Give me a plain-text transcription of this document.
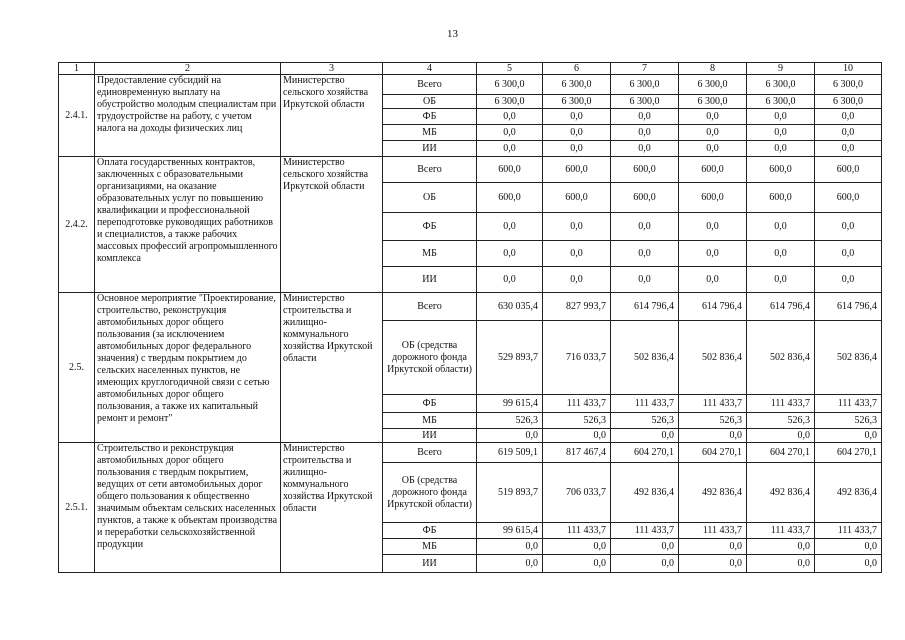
13
1	2	3	4	5	6	7	8	9	10
2.4.1.	Предоставление субсидий на единовременную выплату на обустройство молодым специалистам при трудоустройстве на работу, с учетом налога на доходы физических лиц	Министерство сельского хозяйства Иркутской области	Всего	6 300,0	6 300,0	6 300,0	6 300,0	6 300,0	6 300,0
			ОБ	6 300,0	6 300,0	6 300,0	6 300,0	6 300,0	6 300,0
			ФБ	0,0	0,0	0,0	0,0	0,0	0,0
			МБ	0,0	0,0	0,0	0,0	0,0	0,0
			ИИ	0,0	0,0	0,0	0,0	0,0	0,0
2.4.2.	Оплата государственных контрактов, заключенных с образовательными организациями, на оказание образовательных услуг по повышению квалификации и профессиональной переподготовке руководящих работников и специалистов, а также рабочих массовых профессий агропромышленного комплекса	Министерство сельского хозяйства Иркутской области	Всего	600,0	600,0	600,0	600,0	600,0	600,0
			ОБ	600,0	600,0	600,0	600,0	600,0	600,0
			ФБ	0,0	0,0	0,0	0,0	0,0	0,0
			МБ	0,0	0,0	0,0	0,0	0,0	0,0
			ИИ	0,0	0,0	0,0	0,0	0,0	0,0
2.5.	Основное мероприятие "Проектирование, строительство, реконструкция автомобильных дорог общего пользования (за исключением автомобильных дорог федерального значения) с твердым покрытием до сельских населенных пунктов, не имеющих круглогодичной связи с сетью автомобильных дорог общего пользования, а также их капитальный ремонт и ремонт"	Министерство строительства и жилищно-коммунального хозяйства Иркутской области	Всего	630 035,4	827 993,7	614 796,4	614 796,4	614 796,4	614 796,4
			ОБ (средства дорожного фонда Иркутской области)	529 893,7	716 033,7	502 836,4	502 836,4	502 836,4	502 836,4
			ФБ	99 615,4	111 433,7	111 433,7	111 433,7	111 433,7	111 433,7
			МБ	526,3	526,3	526,3	526,3	526,3	526,3
			ИИ	0,0	0,0	0,0	0,0	0,0	0,0
2.5.1.	Строительство и реконструкция автомобильных дорог общего пользования с твердым покрытием, ведущих от сети автомобильных дорог общего пользования к общественно значимым объектам сельских населенных пунктов, а также к объектам производства и переработки сельскохозяйственной продукции	Министерство строительства и жилищно-коммунального хозяйства Иркутской области	Всего	619 509,1	817 467,4	604 270,1	604 270,1	604 270,1	604 270,1
			ОБ (средства дорожного фонда Иркутской области)	519 893,7	706 033,7	492 836,4	492 836,4	492 836,4	492 836,4
			ФБ	99 615,4	111 433,7	111 433,7	111 433,7	111 433,7	111 433,7
			МБ	0,0	0,0	0,0	0,0	0,0	0,0
			ИИ	0,0	0,0	0,0	0,0	0,0	0,0
